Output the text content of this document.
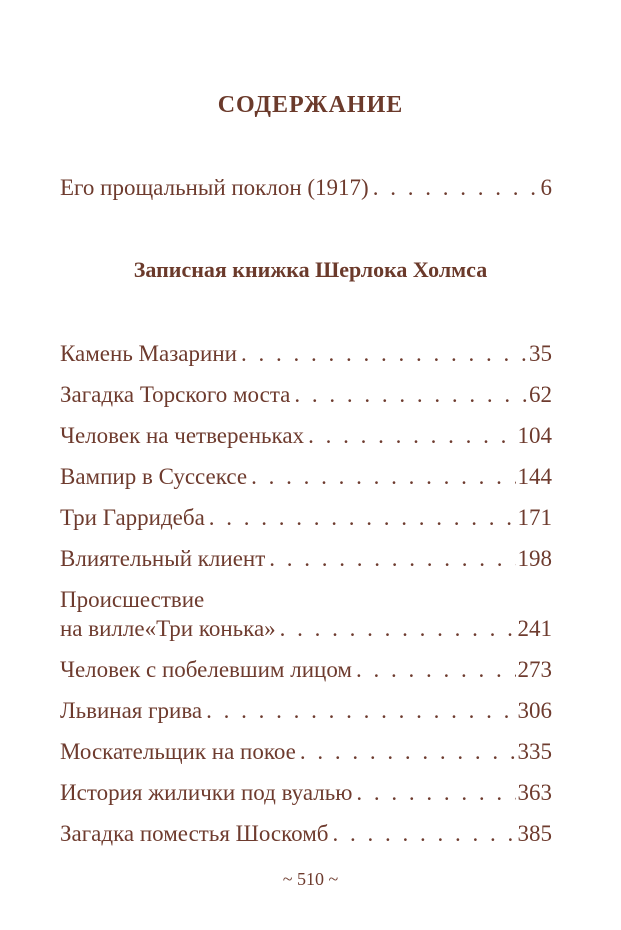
СОДЕРЖАНИЕ
Его прощальный поклон (1917) . . .	6
Записная книжка Шерлока Холмса
Камень Мазарини . . .	35
Загадка Торского моста . . .	62
Человек на четвереньках . . .	104
Вампир в Суссексе . . .	144
Три Гарридеба . . .	171
Влиятельный клиент . . .	198
Происшествие
на вилле«Три конька» . . .	241
Человек с побелевшим лицом . . .	273
Львиная грива . . .	306
Москательщик на покое . . .	335
История жилички под вуалью . . .	363
Загадка поместья Шоскомб . . .	385
~ 510 ~
